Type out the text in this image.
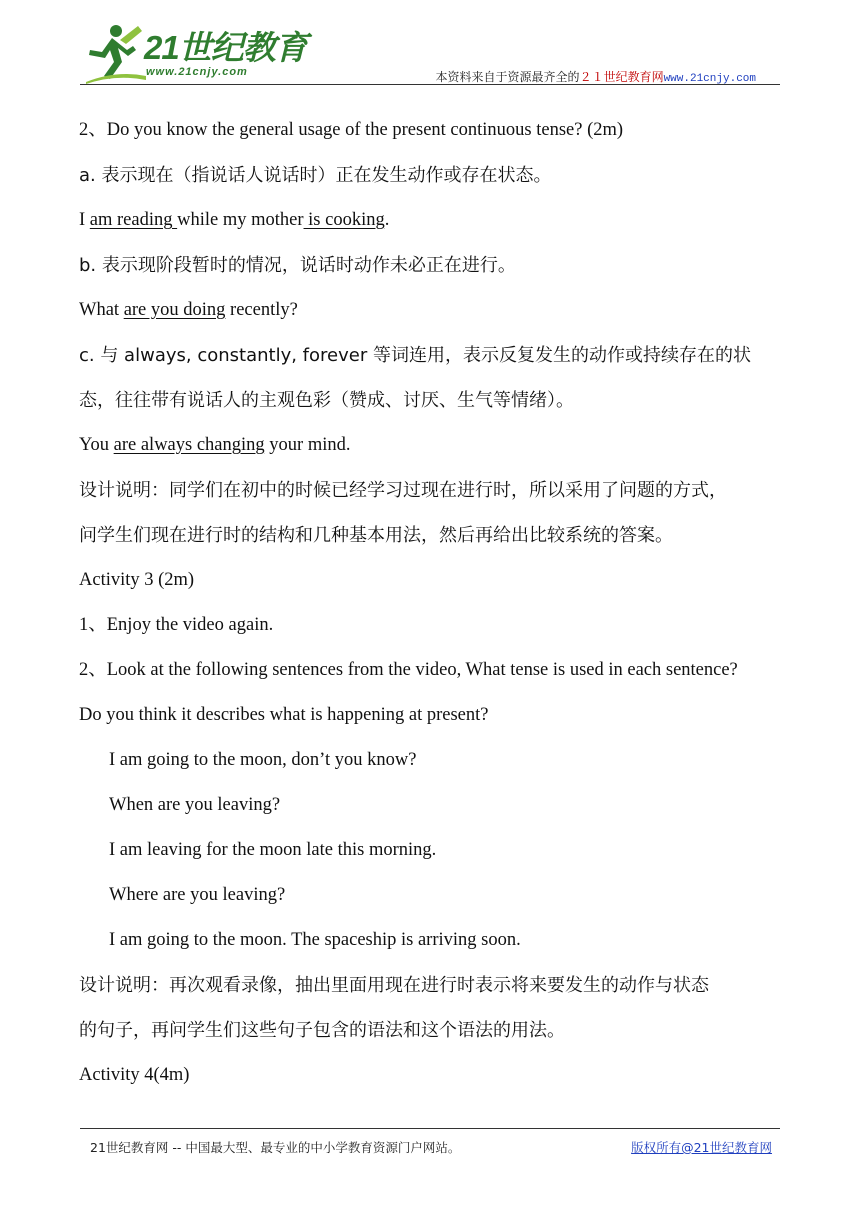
21世纪教育
www.21cnjy.com	本资料来自于资源最齐全的２１世纪教育网www.21cnjy.com

2、Do you know the general usage of the present continuous tense? (2m)

a. 表示现在（指说话人说话时）正在发生动作或存在状态。

I am reading while my mother is cooking.

b. 表示现阶段暂时的情况，说话时动作未必正在进行。

What are you doing recently?

c. 与 always, constantly, forever 等词连用，表示反复发生的动作或持续存在的状

态，往往带有说话人的主观色彩（赞成、讨厌、生气等情绪）。

You are always changing your mind.

设计说明：同学们在初中的时候已经学习过现在进行时，所以采用了问题的方式，

问学生们现在进行时的结构和几种基本用法，然后再给出比较系统的答案。

Activity 3 (2m)

1、Enjoy the video again.

2、Look at the following sentences from the video, What tense is used in each sentence?

Do you think it describes what is happening at present?

I am going to the moon, don’t you know?

When are you leaving?

I am leaving for the moon late this morning.

Where are you leaving?

I am going to the moon. The spaceship is arriving soon.

设计说明：再次观看录像，抽出里面用现在进行时表示将来要发生的动作与状态

的句子，再问学生们这些句子包含的语法和这个语法的用法。

Activity 4(4m)

21世纪教育网 -- 中国最大型、最专业的中小学教育资源门户网站。	版权所有@21世纪教育网
